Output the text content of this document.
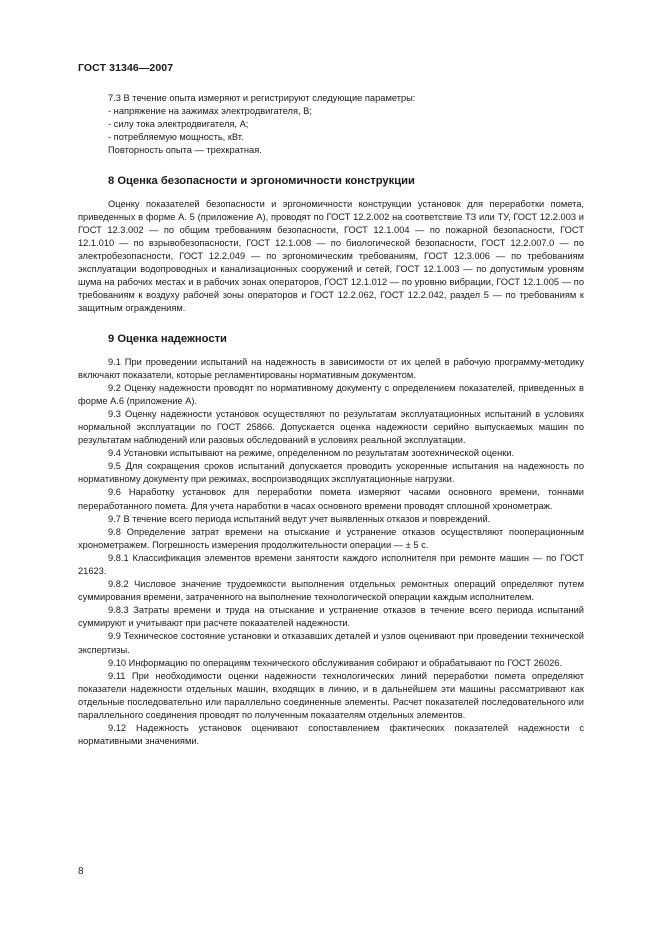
ГОСТ 31346—2007

7.3 В течение опыта измеряют и регистрируют следующие параметры:

- напряжение на зажимах электродвигателя, В;

- силу тока электродвигателя, А;

- потребляемую мощность, кВт.

Повторность опыта — трехкратная.

8 Оценка безопасности и эргономичности конструкции

Оценку показателей безопасности и эргономичности конструкции установок для переработки помета, приведенных в форме А. 5 (приложение А), проводят по ГОСТ 12.2.002 на соответствие ТЗ или ТУ, ГОСТ 12.2.003 и ГОСТ 12.3.002 — по общим требованиям безопасности, ГОСТ 12.1.004 — по пожарной безопасности, ГОСТ 12.1.010 — по взрывобезопасности, ГОСТ 12.1.008 — по биологической безопасности, ГОСТ 12.2.007.0 — по электробезопасности, ГОСТ 12.2.049 — по эргономическим требованиям, ГОСТ 12.3.006 — по требованиям эксплуатации водопроводных и канализационных сооружений и сетей, ГОСТ 12.1.003 — по допустимым уровням шума на рабочих местах и в рабочих зонах операторов, ГОСТ 12.1.012 — по уровню вибрации, ГОСТ 12.1.005 — по требованиям к воздуху рабочей зоны операторов и ГОСТ 12.2.062, ГОСТ 12.2.042, раздел 5 — по требованиям к защитным ограждениям.

9 Оценка надежности

9.1 При проведении испытаний на надежность в зависимости от их целей в рабочую программу-методику включают показатели, которые регламентированы нормативным документом.

9.2 Оценку надежности проводят по нормативному документу с определением показателей, приведенных в форме А.6 (приложение А).

9.3 Оценку надежности установок осуществляют по результатам эксплуатационных испытаний в условиях нормальной эксплуатации по ГОСТ 25866. Допускается оценка надежности серийно выпускаемых машин по результатам наблюдений или разовых обследований в условиях реальной эксплуатации.

9.4 Установки испытывают на режиме, определенном по результатам зоотехнической оценки.

9.5 Для сокращения сроков испытаний допускается проводить ускоренные испытания на надежность по нормативному документу при режимах, воспроизводящих эксплуатационные нагрузки.

9.6 Наработку установок для переработки помета измеряют часами основного времени, тоннами переработанного помета. Для учета наработки в часах основного времени проводят сплошной хронометраж.

9.7 В течение всего периода испытаний ведут учет выявленных отказов и повреждений.

9.8 Определение затрат времени на отыскание и устранение отказов осуществляют пооперационным хронометражем. Погрешность измерения продолжительности операции — ± 5 с.

9.8.1 Классификация элементов времени занятости каждого исполнителя при ремонте машин — по ГОСТ 21623.

9.8.2 Числовое значение трудоемкости выполнения отдельных ремонтных операций определяют путем суммирования времени, затраченного на выполнение технологической операции каждым исполнителем.

9.8.3 Затраты времени и труда на отыскание и устранение отказов в течение всего периода испытаний суммируют и учитывают при расчете показателей надежности.

9.9 Техническое состояние установки и отказавших деталей и узлов оценивают при проведении технической экспертизы.

9.10 Информацию по операциям технического обслуживания собирают и обрабатывают по ГОСТ 26026.

9.11 При необходимости оценки надежности технологических линий переработки помета определяют показатели надежности отдельных машин, входящих в линию, и в дальнейшем эти машины рассматривают как отдельные последовательно или параллельно соединенные элементы. Расчет показателей последовательного или параллельного соединения проводят по полученным показателям отдельных элементов.

9.12 Надежность установок оценивают сопоставлением фактических показателей надежности с нормативными значениями.

8
